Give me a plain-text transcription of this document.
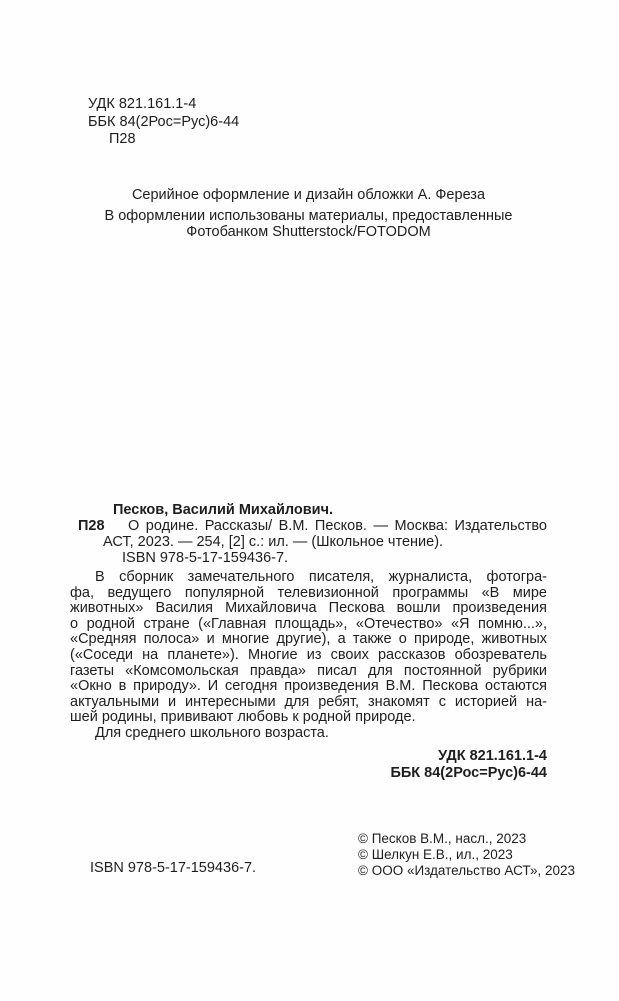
УДК 821.161.1-4
ББК 84(2Рос=Рус)6-44
П28
Серийное оформление и дизайн обложки А. Фереза
В оформлении использованы материалы, предоставленные
Фотобанком Shutterstock/FOTODOM
Песков, Василий Михайлович.
П28	О родине. Рассказы/ В.М. Песков. — Москва: Издательство
АСТ, 2023. — 254, [2] с.: ил. — (Школьное чтение).
ISBN 978-5-17-159436-7.
В сборник замечательного писателя, журналиста, фотогра-
фа, ведущего популярной телевизионной программы «В мире
животных» Василия Михайловича Пескова вошли произведения
о родной стране («Главная площадь», «Отечество» «Я помню...»,
«Средняя полоса» и многие другие), а также о природе, животных
(«Соседи на планете»). Многие из своих рассказов обозреватель
газеты «Комсомольская правда» писал для постоянной рубрики
«Окно в природу». И сегодня произведения В.М. Пескова остаются
актуальными и интересными для ребят, знакомят с историей на-
шей родины, прививают любовь к родной природе.
Для среднего школьного возраста.
УДК 821.161.1-4
ББК 84(2Рос=Рус)6-44
© Песков В.М., насл., 2023
© Шелкун Е.В., ил., 2023
© ООО «Издательство АСТ», 2023
ISBN 978-5-17-159436-7.
